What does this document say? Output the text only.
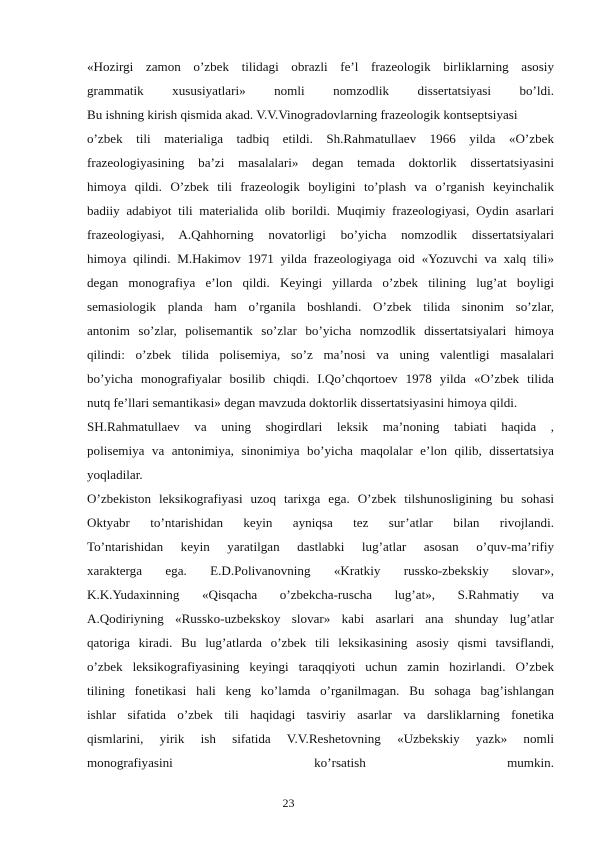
«Hozirgi zamon o’zbek tilidagi obrazli fe’l frazeologik birliklarning asosiy
grammatik xususiyatlari» nomli nomzodlik dissertatsiyasi bo’ldi.
Bu ishning kirish qismida akad. V.V.Vinogradovlarning frazeologik kontseptsiyasi
o’zbek tili materialiga tadbiq etildi. Sh.Rahmatullaev 1966 yilda «O’zbek
frazeologiyasining ba’zi masalalari» degan temada doktorlik dissertatsiyasini
himoya qildi. O’zbek tili frazeologik boyligini to’plash va o’rganish keyinchalik
badiiy adabiyot tili materialida olib borildi. Muqimiy frazeologiyasi, Oydin asarlari
frazeologiyasi, A.Qahhorning novatorligi bo’yicha nomzodlik dissertatsiyalari
himoya qilindi. M.Hakimov 1971 yilda frazeologiyaga oid «Yozuvchi va xalq tili»
degan monografiya e’lon qildi. Keyingi yillarda o’zbek tilining lug’at boyligi
semasiologik planda ham o’rganila boshlandi. O’zbek tilida sinonim so’zlar,
antonim so’zlar, polisemantik so’zlar bo’yicha nomzodlik dissertatsiyalari himoya
qilindi: o’zbek tilida polisemiya, so’z ma’nosi va uning valentligi masalalari
bo’yicha monografiyalar bosilib chiqdi. I.Qo’chqortoev 1978 yilda «O’zbek tilida
nutq fe’llari semantikasi» degan mavzuda doktorlik dissertatsiyasini himoya qildi.
SH.Rahmatullaev va uning shogirdlari leksik ma’noning tabiati haqida ,
polisemiya va antonimiya, sinonimiya bo’yicha maqolalar e’lon qilib, dissertatsiya
yoqladilar.
O’zbekiston leksikografiyasi uzoq tarixga ega. O’zbek tilshunosligining bu sohasi
Oktyabr to’ntarishidan keyin ayniqsa tez sur’atlar bilan rivojlandi.
To’ntarishidan keyin yaratilgan dastlabki lug’atlar asosan o’quv-ma’rifiy
xarakterga ega. E.D.Polivanovning «Kratkiy russko-zbekskiy slovar»,
K.K.Yudaxinning «Qisqacha o’zbekcha-ruscha lug’at», S.Rahmatiy va
A.Qodiriyning «Russko-uzbekskoy slovar» kabi asarlari ana shunday lug’atlar
qatoriga kiradi. Bu lug’atlarda o’zbek tili leksikasining asosiy qismi tavsiflandi,
o’zbek leksikografiyasining keyingi taraqqiyoti uchun zamin hozirlandi. O’zbek
tilining fonetikasi hali keng ko’lamda o’rganilmagan. Bu sohaga bag’ishlangan
ishlar sifatida o’zbek tili haqidagi tasviriy asarlar va darsliklarning fonetika
qismlarini, yirik ish sifatida V.V.Reshetovning «Uzbekskiy yazk» nomli
monografiyasini ko’rsatish mumkin.
23
